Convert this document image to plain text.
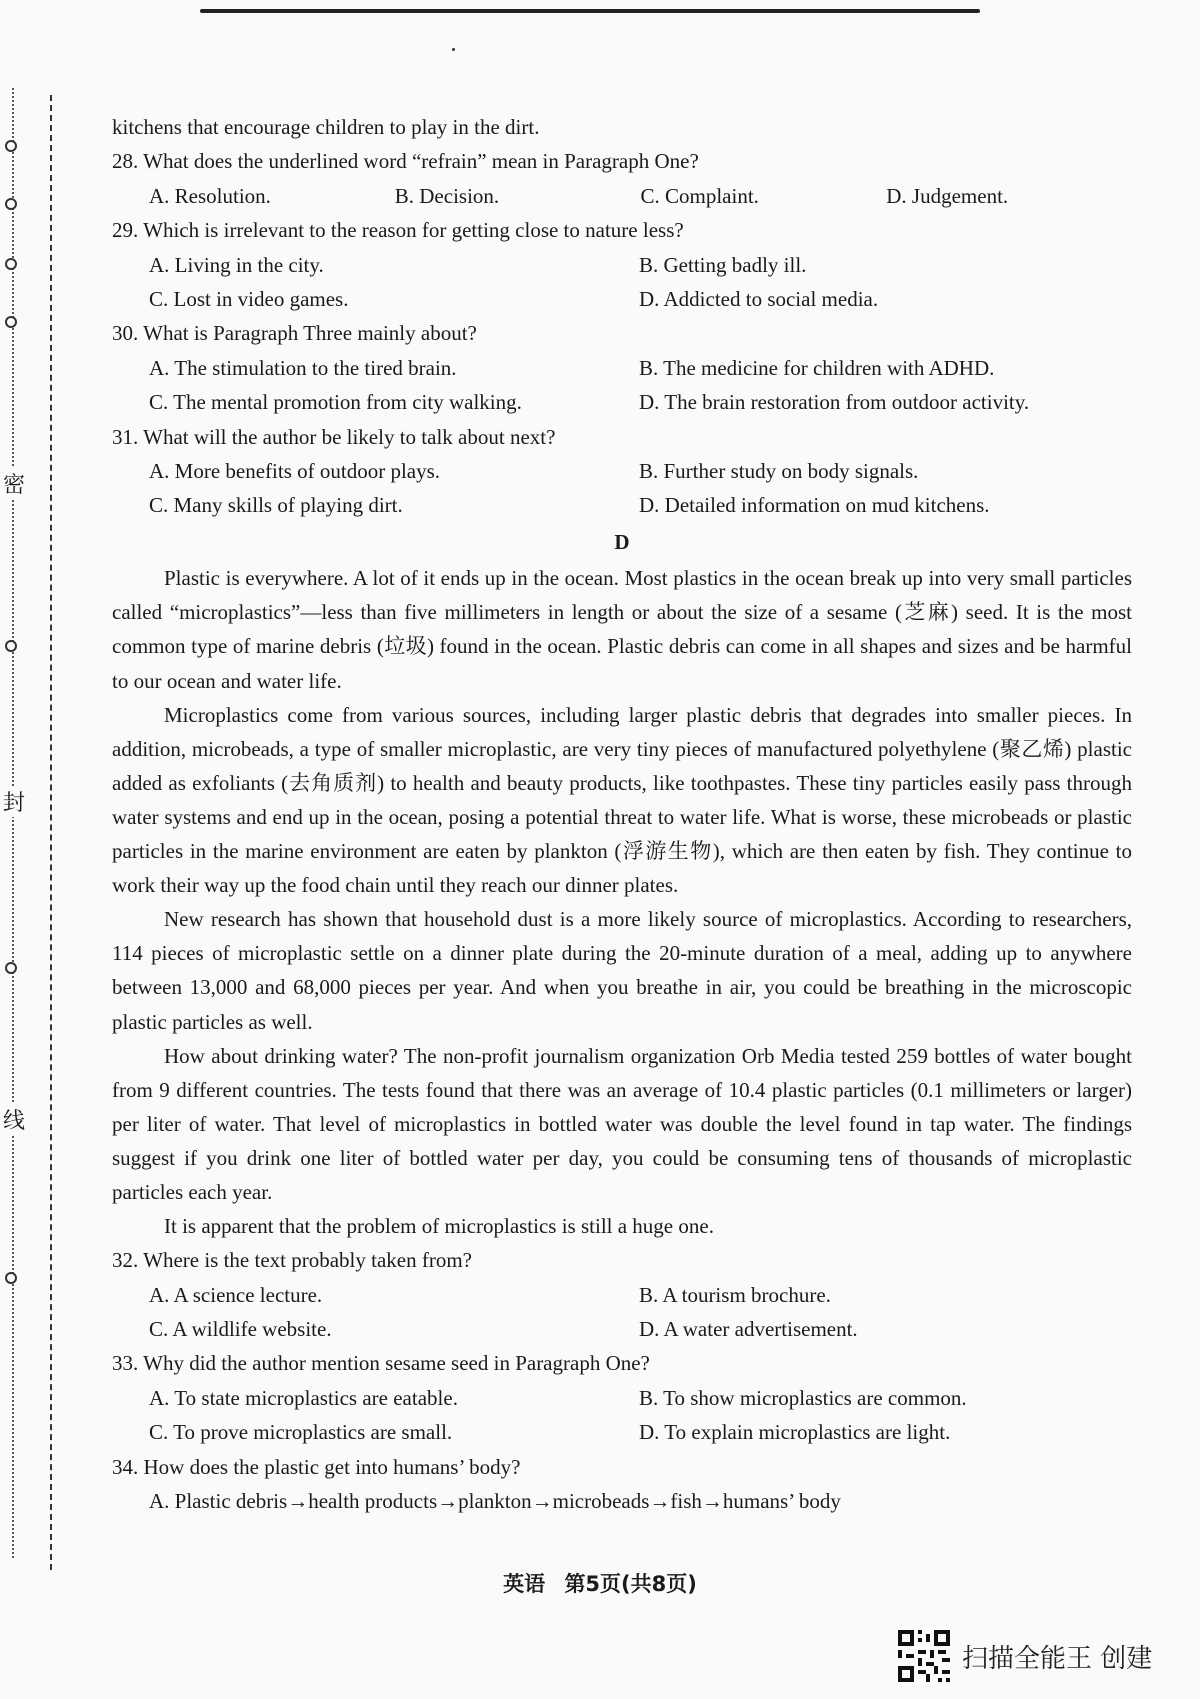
密
封
线
kitchens that encourage children to play in the dirt.
28. What does the underlined word “refrain” mean in Paragraph One?
A. Resolution.	B. Decision.	C. Complaint.	D. Judgement.
29. Which is irrelevant to the reason for getting close to nature less?
A. Living in the city.	B. Getting badly ill.
C. Lost in video games.	D. Addicted to social media.
30. What is Paragraph Three mainly about?
A. The stimulation to the tired brain.	B. The medicine for children with ADHD.
C. The mental promotion from city walking.	D. The brain restoration from outdoor activity.
31. What will the author be likely to talk about next?
A. More benefits of outdoor plays.	B. Further study on body signals.
C. Many skills of playing dirt.	D. Detailed information on mud kitchens.
D
Plastic is everywhere. A lot of it ends up in the ocean. Most plastics in the ocean break up into very small particles called “microplastics”—less than five millimeters in length or about the size of a sesame (芝麻) seed. It is the most common type of marine debris (垃圾) found in the ocean. Plastic debris can come in all shapes and sizes and be harmful to our ocean and water life.
Microplastics come from various sources, including larger plastic debris that degrades into smaller pieces. In addition, microbeads, a type of smaller microplastic, are very tiny pieces of manufactured polyethylene (聚乙烯) plastic added as exfoliants (去角质剂) to health and beauty products, like toothpastes. These tiny particles easily pass through water systems and end up in the ocean, posing a potential threat to water life. What is worse, these microbeads or plastic particles in the marine environment are eaten by plankton (浮游生物), which are then eaten by fish. They continue to work their way up the food chain until they reach our dinner plates.
New research has shown that household dust is a more likely source of microplastics. According to researchers, 114 pieces of microplastic settle on a dinner plate during the 20-minute duration of a meal, adding up to anywhere between 13,000 and 68,000 pieces per year. And when you breathe in air, you could be breathing in the microscopic plastic particles as well.
How about drinking water? The non-profit journalism organization Orb Media tested 259 bottles of water bought from 9 different countries. The tests found that there was an average of 10.4 plastic particles (0.1 millimeters or larger) per liter of water. That level of microplastics in bottled water was double the level found in tap water. The findings suggest if you drink one liter of bottled water per day, you could be consuming tens of thousands of microplastic particles each year.
It is apparent that the problem of microplastics is still a huge one.
32. Where is the text probably taken from?
A. A science lecture.	B. A tourism brochure.
C. A wildlife website.	D. A water advertisement.
33. Why did the author mention sesame seed in Paragraph One?
A. To state microplastics are eatable.	B. To show microplastics are common.
C. To prove microplastics are small.	D. To explain microplastics are light.
34. How does the plastic get into humans’ body?
A. Plastic debris→health products→plankton→microbeads→fish→humans’ body
英语 第5页(共8页)
扫描全能王 创建
